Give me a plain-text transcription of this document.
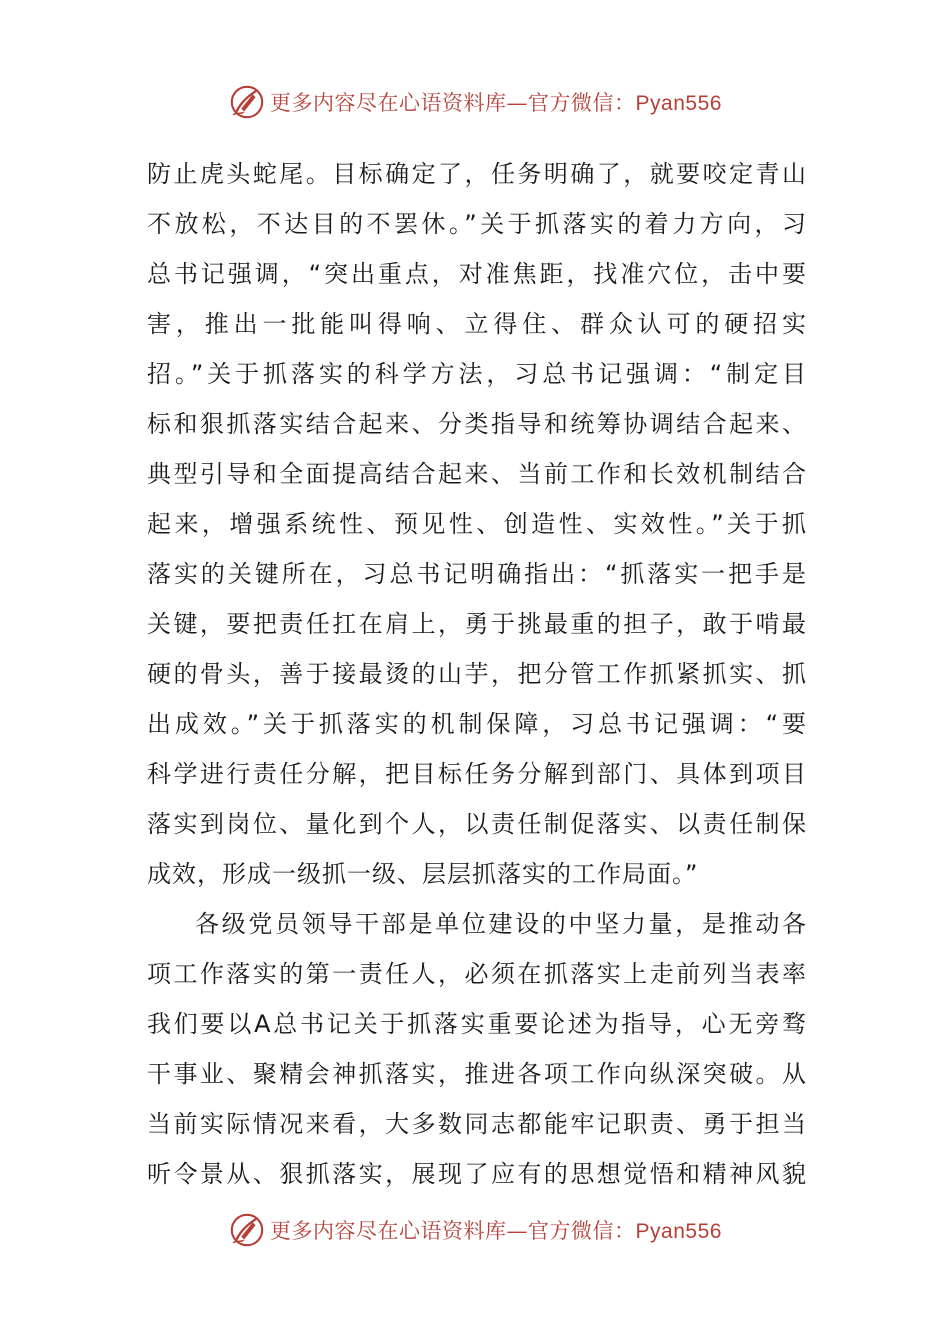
更多内容尽在心语资料库—官方微信：Pyan556
防止虎头蛇尾。目标确定了，任务明确了，就要咬定青山
不放松，不达目的不罢休。”关于抓落实的着力方向，习
总书记强调，“突出重点，对准焦距，找准穴位，击中要
害，推出一批能叫得响、立得住、群众认可的硬招实
招。”关于抓落实的科学方法，习总书记强调：“制定目
标和狠抓落实结合起来、分类指导和统筹协调结合起来、
典型引导和全面提高结合起来、当前工作和长效机制结合
起来，增强系统性、预见性、创造性、实效性。”关于抓
落实的关键所在，习总书记明确指出：“抓落实一把手是
关键，要把责任扛在肩上，勇于挑最重的担子，敢于啃最
硬的骨头，善于接最烫的山芋，把分管工作抓紧抓实、抓
出成效。”关于抓落实的机制保障，习总书记强调：“要
科学进行责任分解，把目标任务分解到部门、具体到项目
落实到岗位、量化到个人，以责任制促落实、以责任制保
成效，形成一级抓一级、层层抓落实的工作局面。”
各级党员领导干部是单位建设的中坚力量，是推动各
项工作落实的第一责任人，必须在抓落实上走前列当表率
我们要以A总书记关于抓落实重要论述为指导，心无旁骛
干事业、聚精会神抓落实，推进各项工作向纵深突破。从
当前实际情况来看，大多数同志都能牢记职责、勇于担当
听令景从、狠抓落实，展现了应有的思想觉悟和精神风貌
更多内容尽在心语资料库—官方微信：Pyan556
